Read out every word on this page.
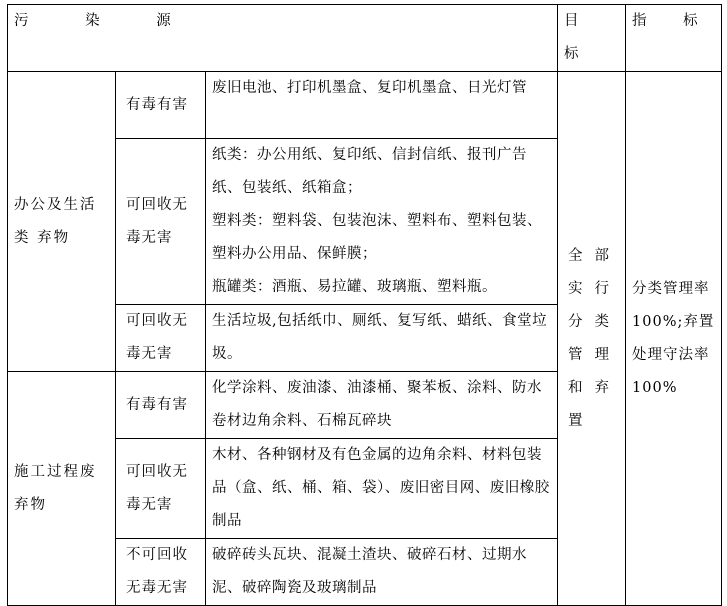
污 染 源			目标	指 标
办公及生活类 弃物	有毒有害	废旧电池、打印机墨盒、复印机墨盒、日光灯管	全部实行分类管理和弃置	分类管理率100%;弃置处理守法率100%
	可回收无毒无害	纸类：办公用纸、复印纸、信封信纸、报刊广告纸、包装纸、纸箱盒；
塑料类：塑料袋、包装泡沫、塑料布、塑料包装、塑料办公用品、保鲜膜；
瓶罐类：酒瓶、易拉罐、玻璃瓶、塑料瓶。		

	可回收无毒无害	生活垃圾,包括纸巾、厕纸、复写纸、蜡纸、食堂垃圾。		

施工过程废弃物	有毒有害	化学涂料、废油漆、油漆桶、聚苯板、涂料、防水卷材边角余料、石棉瓦碎块		

	可回收无毒无害	木材、各种钢材及有色金属的边角余料、材料包装品（盒、纸、桶、箱、袋）、废旧密目网、废旧橡胶制品		

	不可回收无毒无害	破碎砖头瓦块、混凝土渣块、破碎石材、过期水泥、破碎陶瓷及玻璃制品		
